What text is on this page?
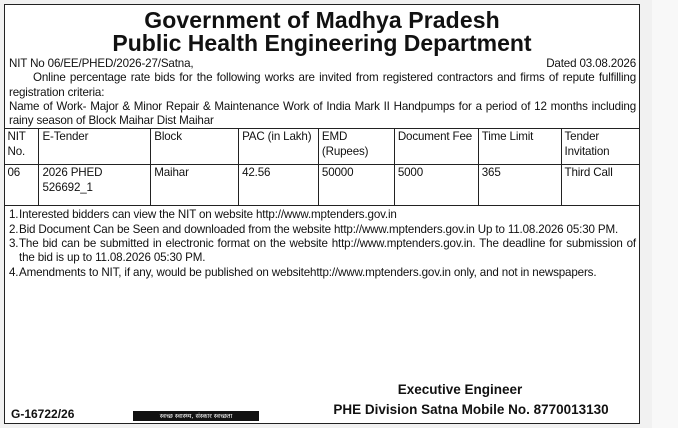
Government of Madhya Pradesh
Public Health Engineering Department
NIT No 06/EE/PHED/2026-27/Satna,	Dated 03.08.2026
Online percentage rate bids for the following works are invited from registered contractors and firms of repute fulfilling registration criteria:
Name of Work- Major & Minor Repair & Maintenance Work of India Mark II Handpumps for a period of 12 months including rainy season of Block Maihar Dist Maihar
NIT No.	E-Tender	Block	PAC (in Lakh)	EMD (Rupees)	Document Fee	Time Limit	Tender Invitation
06	2026 PHED 526692_1	Maihar	42.56	50000	5000	365	Third Call
1. Interested bidders can view the NIT on website http://www.mptenders.gov.in
2. Bid Document Can be Seen and downloaded from the website http://www.mptenders.gov.in Up to 11.08.2026 05:30 PM.
3. The bid can be submitted in electronic format on the website http://www.mptenders.gov.in. The deadline for submission of the bid is up to 11.08.2026 05:30 PM.
4. Amendments to NIT, if any, would be published on websitehttp://www.mptenders.gov.in only, and not in newspapers.
Executive Engineer
PHE Division Satna Mobile No. 8770013130
G-16722/26	स्वच्छ स्वास्थ्य, संस्कार स्वच्छता
